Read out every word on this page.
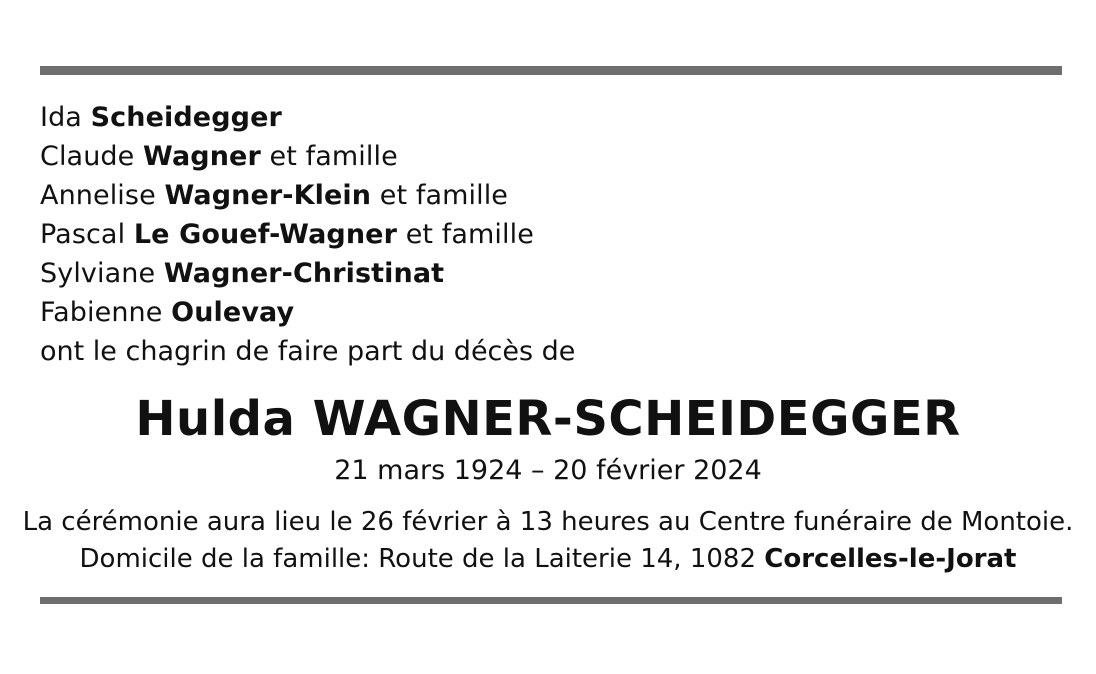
Ida Scheidegger
Claude Wagner et famille
Annelise Wagner-Klein et famille
Pascal Le Gouef-Wagner et famille
Sylviane Wagner-Christinat
Fabienne Oulevay
ont le chagrin de faire part du décès de
Hulda WAGNER-SCHEIDEGGER
21 mars 1924 – 20 février 2024
La cérémonie aura lieu le 26 février à 13 heures au Centre funéraire de Montoie.
Domicile de la famille: Route de la Laiterie 14, 1082 Corcelles-le-Jorat
